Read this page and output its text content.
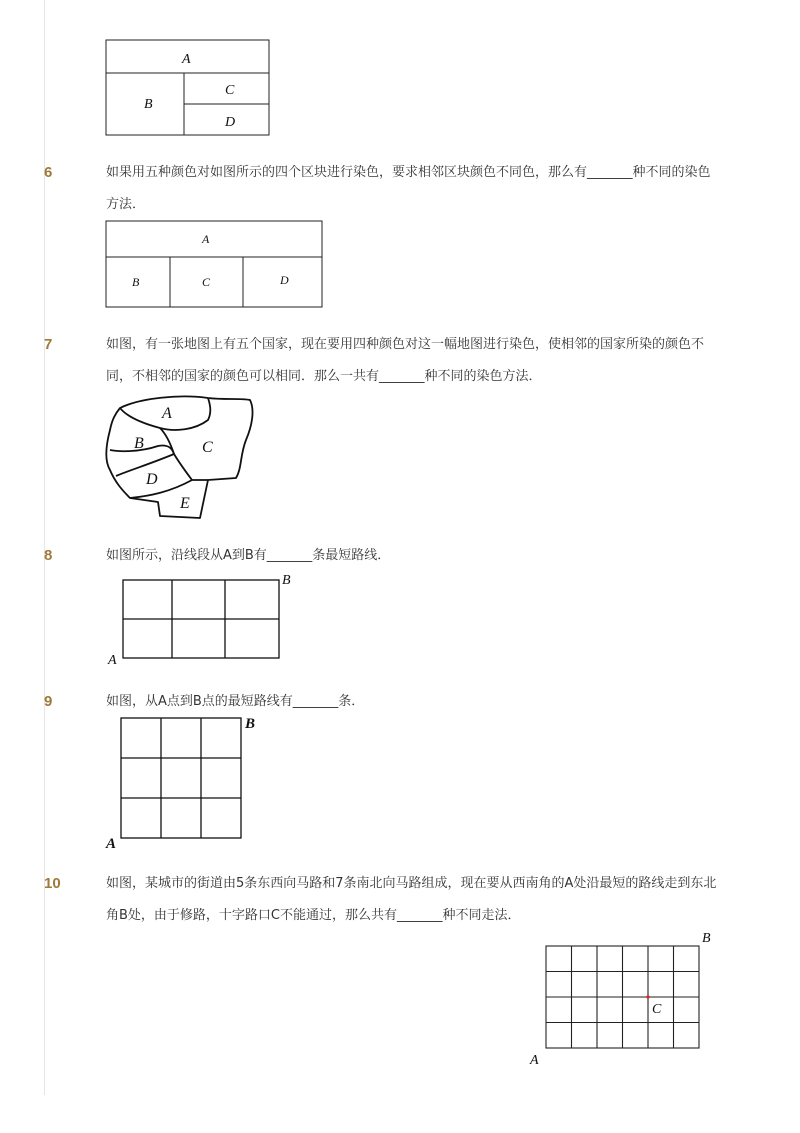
A
B
C
D
6	如果用五种颜色对如图所示的四个区块进行染色，要求相邻区块颜色不同色，那么有_______种不同的染色方法．
A
B	C	D
7	如图，有一张地图上有五个国家，现在要用四种颜色对这一幅地图进行染色，使相邻的国家所染的颜色不同，不相邻的国家的颜色可以相同．那么一共有_______种不同的染色方法．
A
B	C
D
E
8	如图所示，沿线段从A到B有_______条最短路线．
A
B
9	如图，从A点到B点的最短路线有_______条．
A
B
10	如图，某城市的街道由5条东西向马路和7条南北向马路组成，现在要从西南角的A处沿最短的路线走到东北角B处，由于修路，十字路口C不能通过，那么共有_______种不同走法．
A
B
C
